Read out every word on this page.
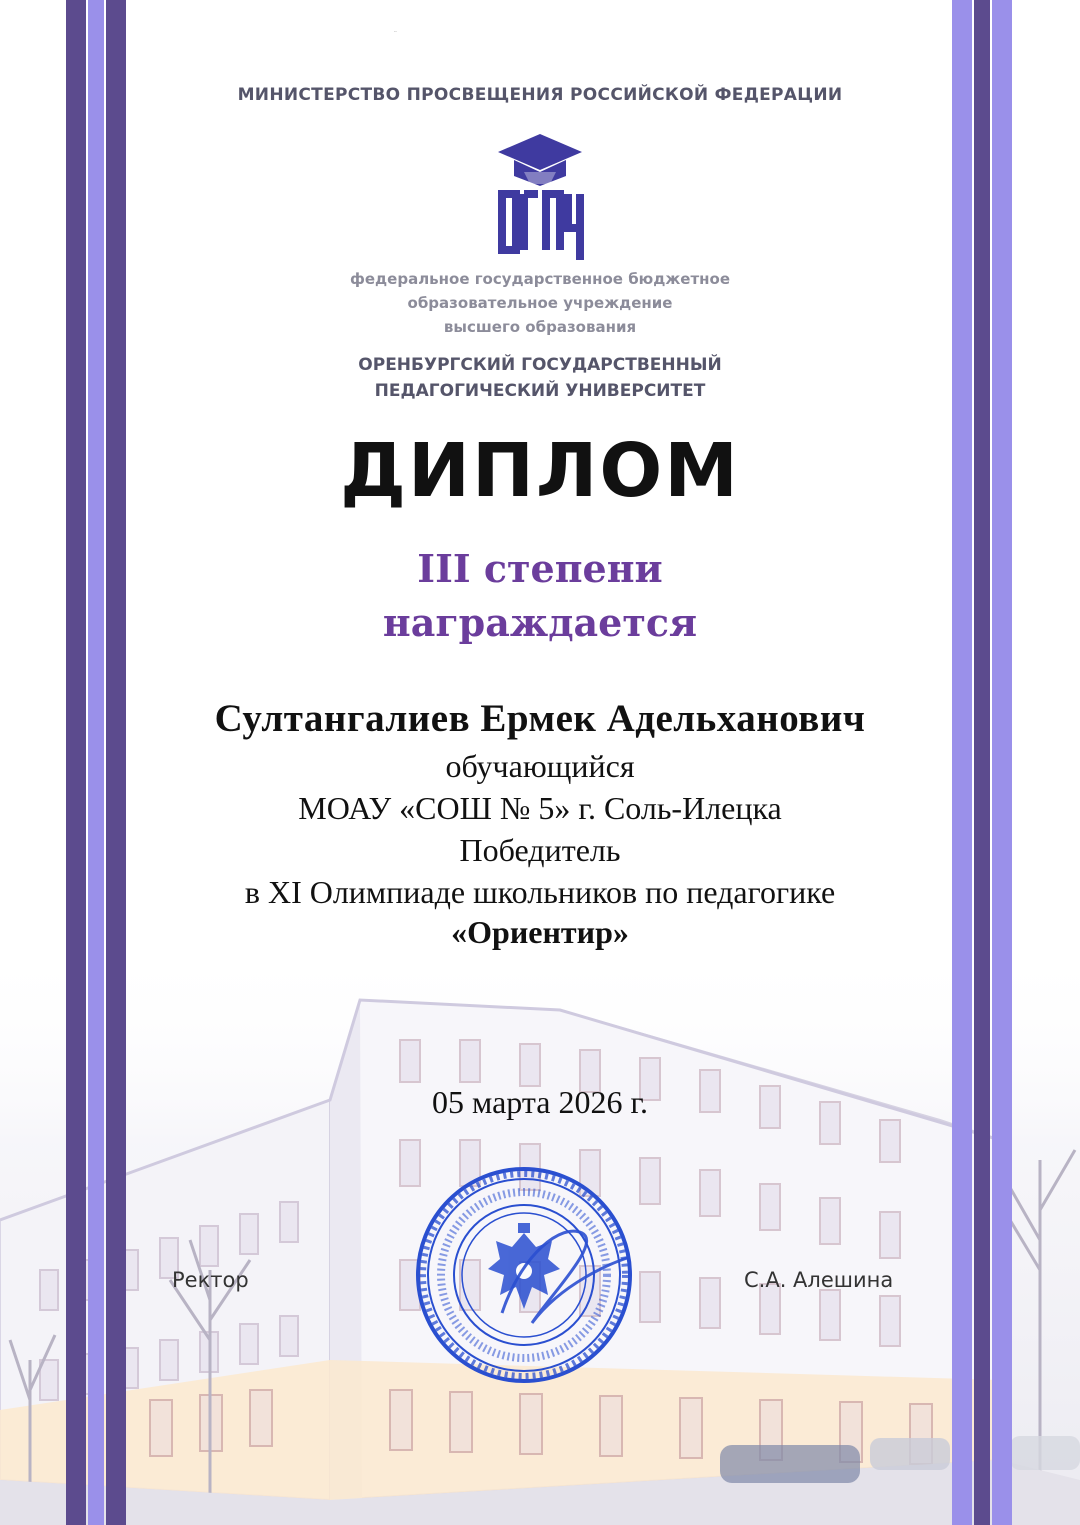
МИНИСТЕРСТВО ПРОСВЕЩЕНИЯ РОССИЙСКОЙ ФЕДЕРАЦИИ
ОГПУ
федеральное государственное бюджетное
образовательное учреждение
высшего образования
ОРЕНБУРГСКИЙ ГОСУДАРСТВЕННЫЙ
ПЕДАГОГИЧЕСКИЙ УНИВЕРСИТЕТ
ДИПЛОМ
III степени
награждается
Султангалиев Ермек Адельханович
обучающийся
МОАУ «СОШ № 5» г. Соль-Илецка
Победитель
в XI Олимпиаде школьников по педагогике
«Ориентир»
05 марта 2026 г.
Ректор	С.А. Алешина
